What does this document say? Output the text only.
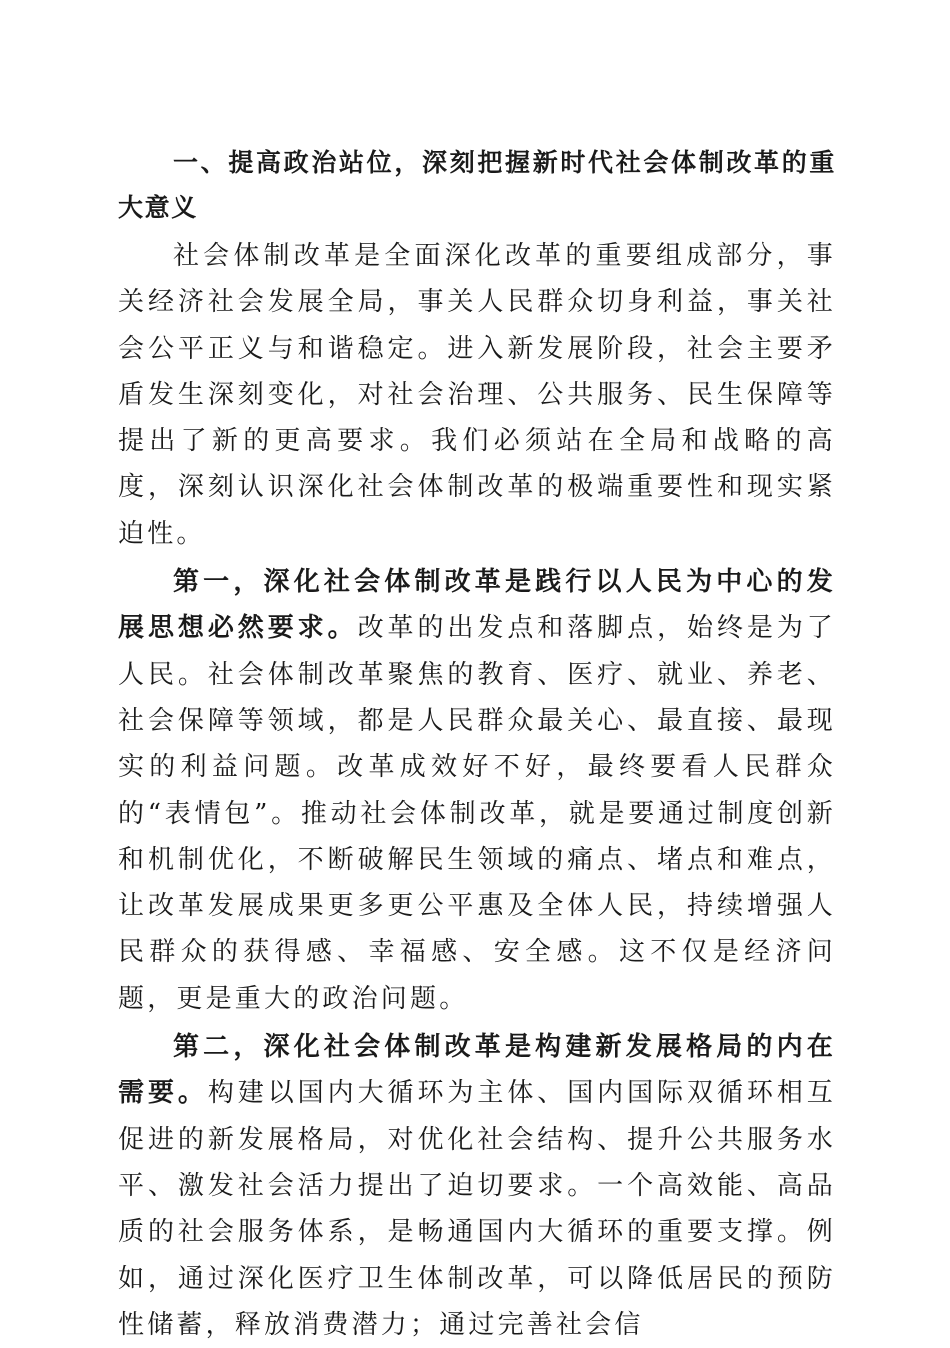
一、提高政治站位，深刻把握新时代社会体制改革的重大意义

社会体制改革是全面深化改革的重要组成部分，事关经济社会发展全局，事关人民群众切身利益，事关社会公平正义与和谐稳定。进入新发展阶段，社会主要矛盾发生深刻变化，对社会治理、公共服务、民生保障等提出了新的更高要求。我们必须站在全局和战略的高度，深刻认识深化社会体制改革的极端重要性和现实紧迫性。

第一，深化社会体制改革是践行以人民为中心的发展思想必然要求。改革的出发点和落脚点，始终是为了人民。社会体制改革聚焦的教育、医疗、就业、养老、社会保障等领域，都是人民群众最关心、最直接、最现实的利益问题。改革成效好不好，最终要看人民群众的“表情包”。推动社会体制改革，就是要通过制度创新和机制优化，不断破解民生领域的痛点、堵点和难点，让改革发展成果更多更公平惠及全体人民，持续增强人民群众的获得感、幸福感、安全感。这不仅是经济问题，更是重大的政治问题。

第二，深化社会体制改革是构建新发展格局的内在需要。构建以国内大循环为主体、国内国际双循环相互促进的新发展格局，对优化社会结构、提升公共服务水平、激发社会活力提出了迫切要求。一个高效能、高品质的社会服务体系，是畅通国内大循环的重要支撑。例如，通过深化医疗卫生体制改革，可以降低居民的预防性储蓄，释放消费潜力；通过完善社会信
